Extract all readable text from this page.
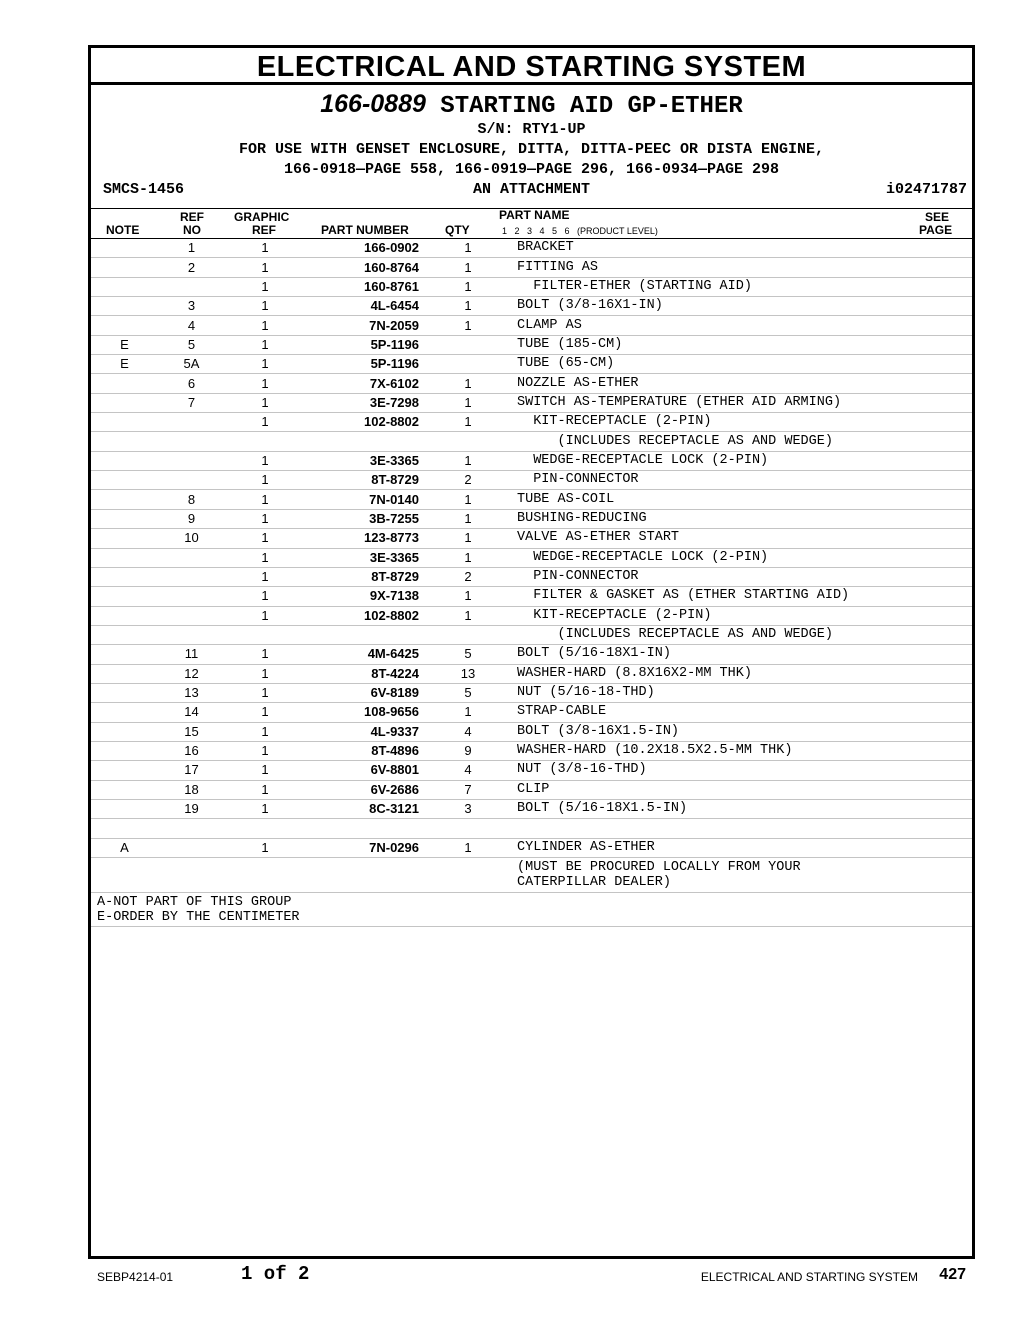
ELECTRICAL AND STARTING SYSTEM
166-0889 STARTING AID GP-ETHER
S/N: RTY1-UP
FOR USE WITH GENSET ENCLOSURE, DITTA, DITTA-PEEC OR DISTA ENGINE,
166-0918—PAGE 558, 166-0919—PAGE 296, 166-0934—PAGE 298
AN ATTACHMENT
SMCS-1456	i02471787
NOTE
REF
NO
GRAPHIC
REF	PART NUMBER	QTY
PART NAME
1   2   3   4   5   6   (PRODUCT LEVEL)
SEE
PAGE
	1	1	166-0902	1	BRACKET	
	2	1	160-8764	1	FITTING AS	
		1	160-8761	1	FILTER-ETHER (STARTING AID)	
	3	1	4L-6454	1	BOLT (3/8-16X1-IN)	
	4	1	7N-2059	1	CLAMP AS	
E	5	1	5P-1196		TUBE (185-CM)	
E	5A	1	5P-1196		TUBE (65-CM)	
	6	1	7X-6102	1	NOZZLE AS-ETHER	
	7	1	3E-7298	1	SWITCH AS-TEMPERATURE (ETHER AID ARMING)	
		1	102-8802	1	KIT-RECEPTACLE (2-PIN)	
					(INCLUDES RECEPTACLE AS AND WEDGE)	
		1	3E-3365	1	WEDGE-RECEPTACLE LOCK (2-PIN)	
		1	8T-8729	2	PIN-CONNECTOR	
	8	1	7N-0140	1	TUBE AS-COIL	
	9	1	3B-7255	1	BUSHING-REDUCING	
	10	1	123-8773	1	VALVE AS-ETHER START	
		1	3E-3365	1	WEDGE-RECEPTACLE LOCK (2-PIN)	
		1	8T-8729	2	PIN-CONNECTOR	
		1	9X-7138	1	FILTER & GASKET AS (ETHER STARTING AID)	
		1	102-8802	1	KIT-RECEPTACLE (2-PIN)	
					(INCLUDES RECEPTACLE AS AND WEDGE)	
	11	1	4M-6425	5	BOLT (5/16-18X1-IN)	
	12	1	8T-4224	13	WASHER-HARD (8.8X16X2-MM THK)	
	13	1	6V-8189	5	NUT (5/16-18-THD)	
	14	1	108-9656	1	STRAP-CABLE	
	15	1	4L-9337	4	BOLT (3/8-16X1.5-IN)	
	16	1	8T-4896	9	WASHER-HARD (10.2X18.5X2.5-MM THK)	
	17	1	6V-8801	4	NUT (3/8-16-THD)	
	18	1	6V-2686	7	CLIP	
	19	1	8C-3121	3	BOLT (5/16-18X1.5-IN)	

A		1	7N-0296	1	CYLINDER AS-ETHER	
					(MUST BE PROCURED LOCALLY FROM YOUR
CATERPILLAR DEALER)	
A-NOT PART OF THIS GROUP
E-ORDER BY THE CENTIMETER
SEBP4214-01	1 of 2	ELECTRICAL AND STARTING SYSTEM 427
